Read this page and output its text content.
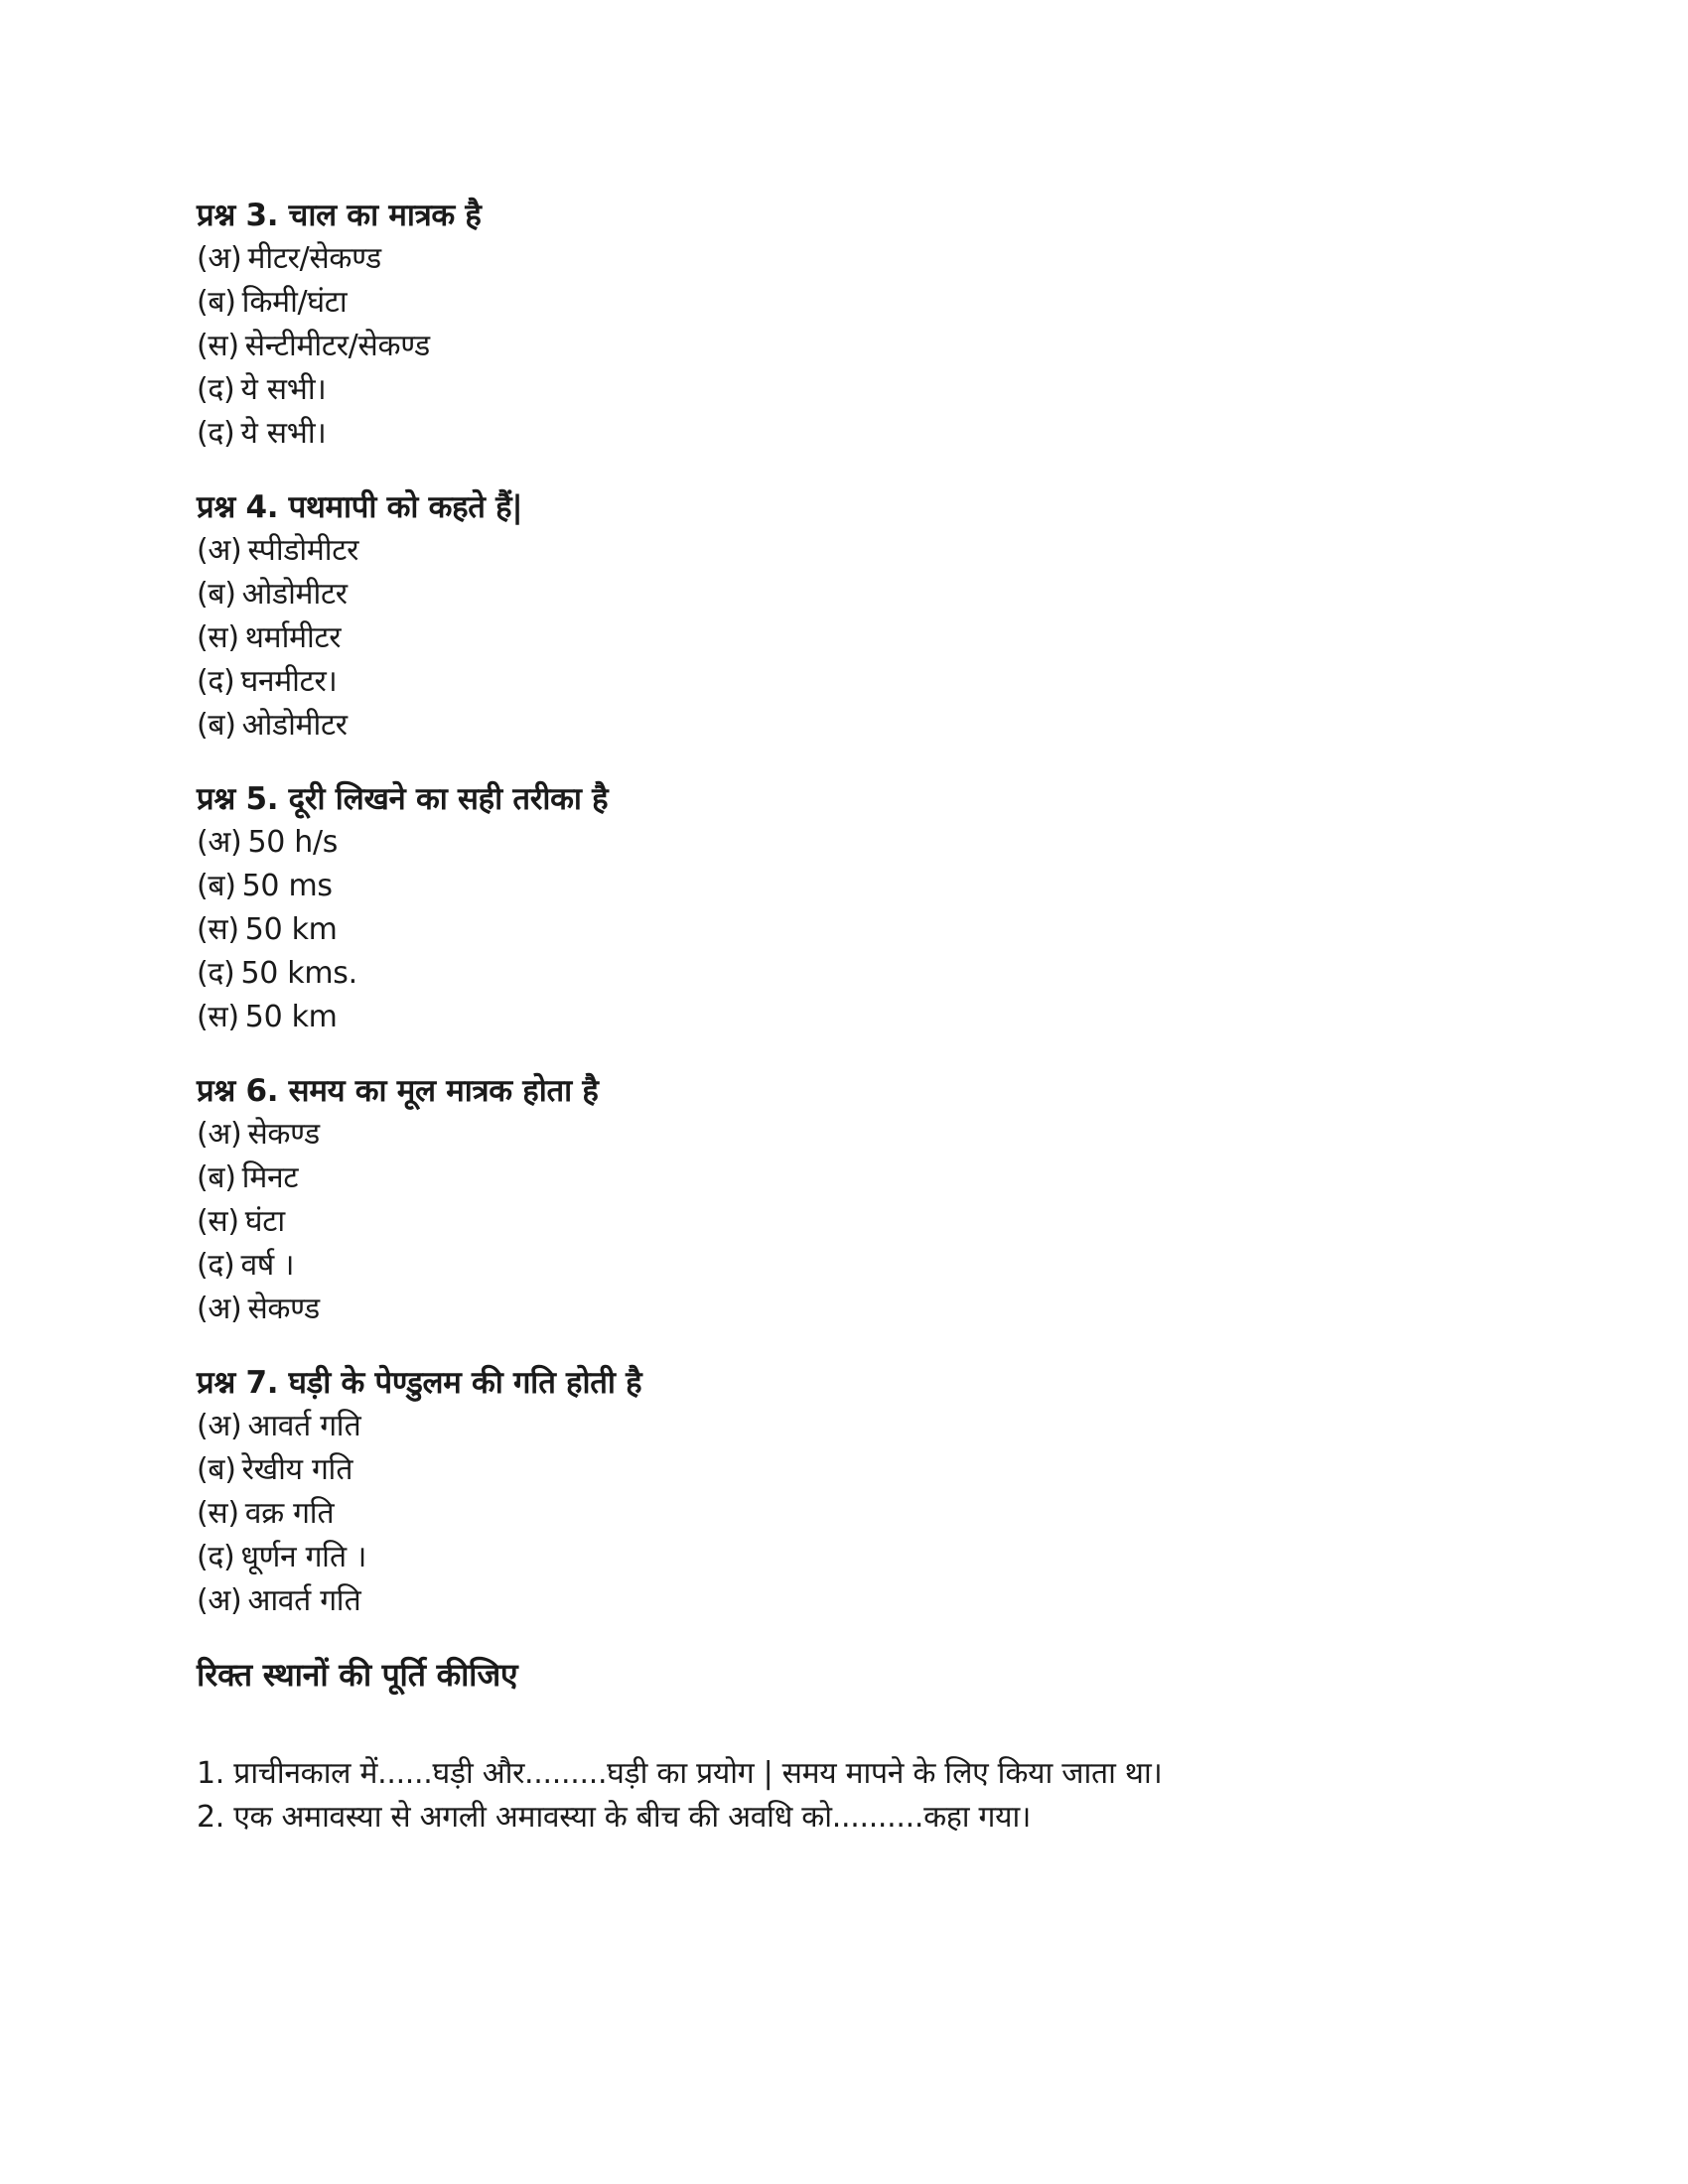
प्रश्न 3. चाल का मात्रक है
(अ) मीटर/सेकण्ड
(ब) किमी/घंटा
(स) सेन्टीमीटर/सेकण्ड
(द) ये सभी।
(द) ये सभी।
प्रश्न 4. पथमापी को कहते हैं|
(अ) स्पीडोमीटर
(ब) ओडोमीटर
(स) थर्मामीटर
(द) घनमीटर।
(ब) ओडोमीटर
प्रश्न 5. दूरी लिखने का सही तरीका है
(अ) 50 h/s
(ब) 50 ms
(स) 50 km
(द) 50 kms.
(स) 50 km
प्रश्न 6. समय का मूल मात्रक होता है
(अ) सेकण्ड
(ब) मिनट
(स) घंटा
(द) वर्ष ।
(अ) सेकण्ड
प्रश्न 7. घड़ी के पेण्डुलम की गति होती है
(अ) आवर्त गति
(ब) रेखीय गति
(स) वक्र गति
(द) धूर्णन गति ।
(अ) आवर्त गति
रिक्त स्थानों की पूर्ति कीजिए
1. प्राचीनकाल में......घड़ी और.........घड़ी का प्रयोग | समय मापने के लिए किया जाता था।
2. एक अमावस्या से अगली अमावस्या के बीच की अवधि को..........कहा गया।
